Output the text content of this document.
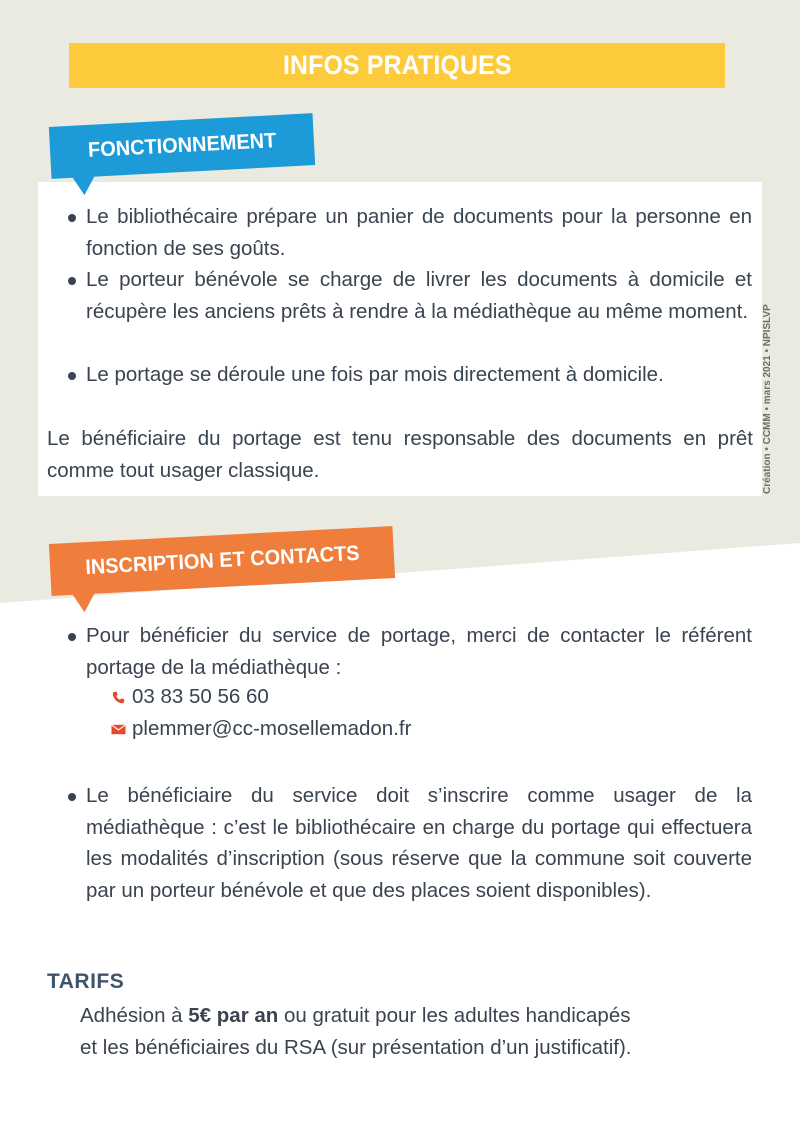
INFOS PRATIQUES
FONCTIONNEMENT
Le bibliothécaire prépare un panier de documents pour la personne en fonction de ses goûts.
Le porteur bénévole se charge de livrer les documents à domicile et récupère les anciens prêts à rendre à la médiathèque au même moment.
Le portage se déroule une fois par mois directement à domicile.
Le bénéficiaire du portage est tenu responsable des documents en prêt comme tout usager classique.	Création • CCMM • mars 2021 • NPISLVP
INSCRIPTION ET CONTACTS
Pour bénéficier du service de portage, merci de contacter le référent portage de la médiathèque :
03 83 50 56 60
plemmer@cc-mosellemadon.fr
Le bénéficiaire du service doit s’inscrire comme usager de la médiathèque : c’est le bibliothécaire en charge du portage qui effectuera les modalités d’inscription (sous réserve que la commune soit couverte par un porteur bénévole et que des places soient disponibles).
TARIFS
Adhésion à 5€ par an ou gratuit pour les adultes handicapés
et les bénéficiaires du RSA (sur présentation d’un justificatif).
